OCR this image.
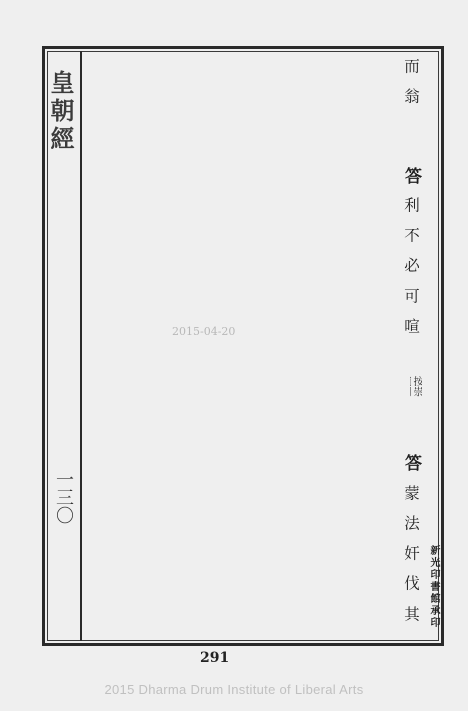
皇朝經
一三〇

而

翁

答

利

不

必

可

喧

按崇

答

蒙

法

奸

伐

其 新光印書館承印
291
2015-04-20
2015 Dharma Drum Institute of Liberal Arts
